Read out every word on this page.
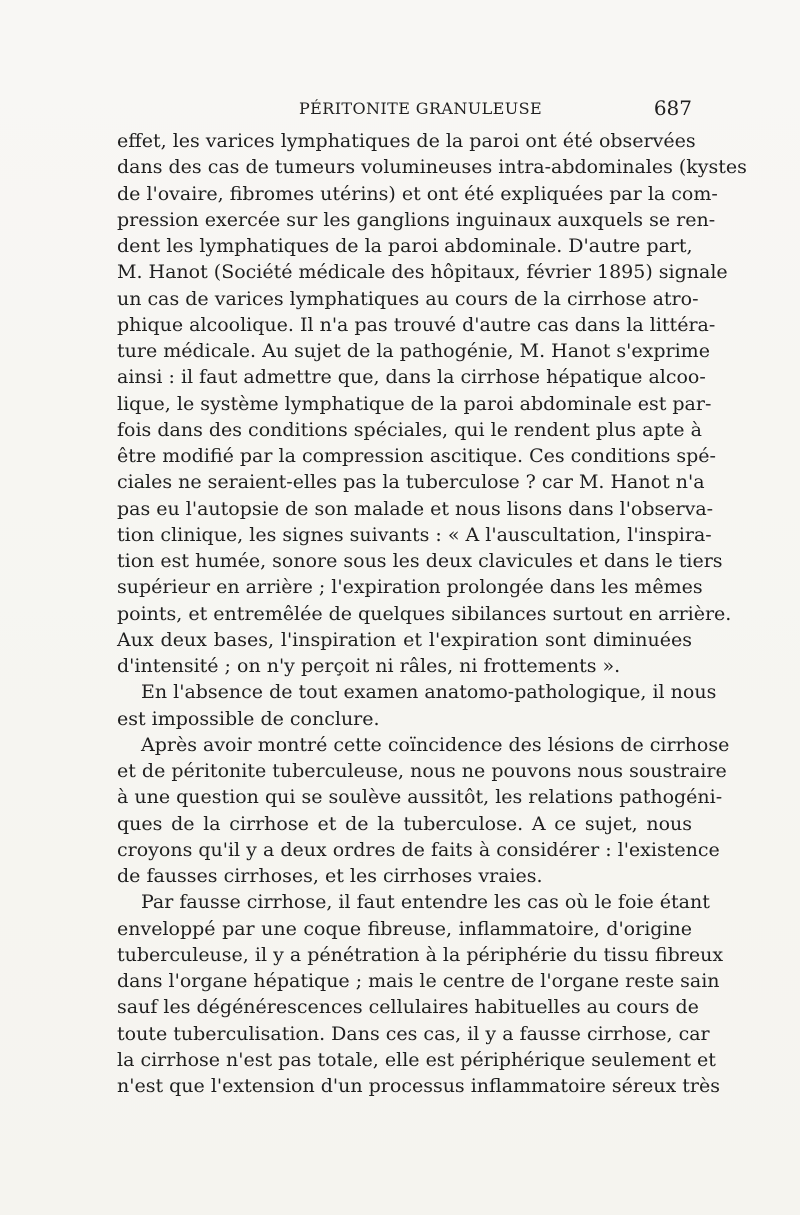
PÉRITONITE GRANULEUSE	687
effet, les varices lymphatiques de la paroi ont été observées
dans des cas de tumeurs volumineuses intra-abdominales (kystes
de l'ovaire, fibromes utérins) et ont été expliquées par la com-
pression exercée sur les ganglions inguinaux auxquels se ren-
dent les lymphatiques de la paroi abdominale. D'autre part,
M. Hanot (Société médicale des hôpitaux, février 1895) signale
un cas de varices lymphatiques au cours de la cirrhose atro-
phique alcoolique. Il n'a pas trouvé d'autre cas dans la littéra-
ture médicale. Au sujet de la pathogénie, M. Hanot s'exprime
ainsi : il faut admettre que, dans la cirrhose hépatique alcoo-
lique, le système lymphatique de la paroi abdominale est par-
fois dans des conditions spéciales, qui le rendent plus apte à
être modifié par la compression ascitique. Ces conditions spé-
ciales ne seraient-elles pas la tuberculose ? car M. Hanot n'a
pas eu l'autopsie de son malade et nous lisons dans l'observa-
tion clinique, les signes suivants : « A l'auscultation, l'inspira-
tion est humée, sonore sous les deux clavicules et dans le tiers
supérieur en arrière ; l'expiration prolongée dans les mêmes
points, et entremêlée de quelques sibilances surtout en arrière.
Aux deux bases, l'inspiration et l'expiration sont diminuées
d'intensité ; on n'y perçoit ni râles, ni frottements ».
En l'absence de tout examen anatomo-pathologique, il nous
est impossible de conclure.
Après avoir montré cette coïncidence des lésions de cirrhose
et de péritonite tuberculeuse, nous ne pouvons nous soustraire
à une question qui se soulève aussitôt, les relations pathogéni-
ques de la cirrhose et de la tuberculose. A ce sujet, nous
croyons qu'il y a deux ordres de faits à considérer : l'existence
de fausses cirrhoses, et les cirrhoses vraies.
Par fausse cirrhose, il faut entendre les cas où le foie étant
enveloppé par une coque fibreuse, inflammatoire, d'origine
tuberculeuse, il y a pénétration à la périphérie du tissu fibreux
dans l'organe hépatique ; mais le centre de l'organe reste sain
sauf les dégénérescences cellulaires habituelles au cours de
toute tuberculisation. Dans ces cas, il y a fausse cirrhose, car
la cirrhose n'est pas totale, elle est périphérique seulement et
n'est que l'extension d'un processus inflammatoire séreux très
